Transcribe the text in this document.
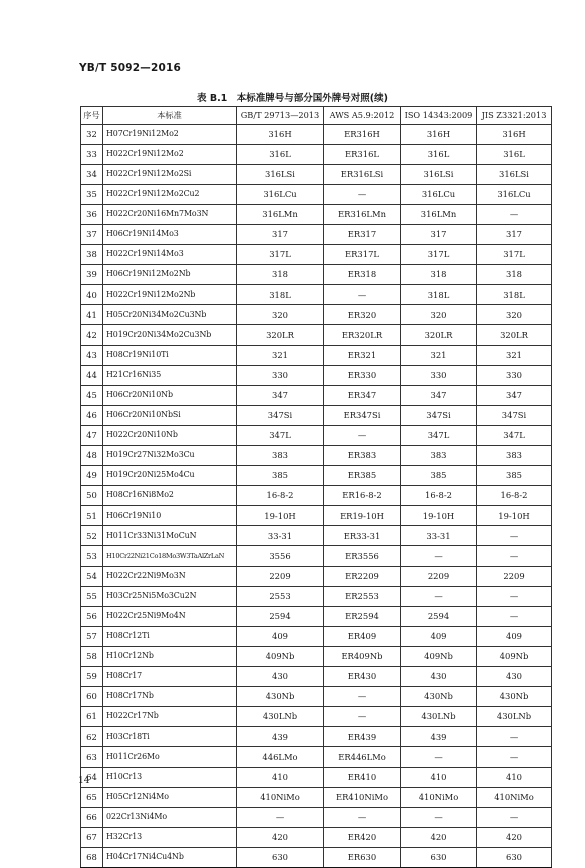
YB/T 5092—2016
表 B.1　本标准牌号与部分国外牌号对照(续)
序号	本标准	GB/T 29713—2013	AWS A5.9:2012	ISO 14343:2009	JIS Z3321:2013
32	H07Cr19Ni12Mo2	316H	ER316H	316H	316H
33	H022Cr19Ni12Mo2	316L	ER316L	316L	316L
34	H022Cr19Ni12Mo2Si	316LSi	ER316LSi	316LSi	316LSi
35	H022Cr19Ni12Mo2Cu2	316LCu	—	316LCu	316LCu
36	H022Cr20Ni16Mn7Mo3N	316LMn	ER316LMn	316LMn	—
37	H06Cr19Ni14Mo3	317	ER317	317	317
38	H022Cr19Ni14Mo3	317L	ER317L	317L	317L
39	H06Cr19Ni12Mo2Nb	318	ER318	318	318
40	H022Cr19Ni12Mo2Nb	318L	—	318L	318L
41	H05Cr20Ni34Mo2Cu3Nb	320	ER320	320	320
42	H019Cr20Ni34Mo2Cu3Nb	320LR	ER320LR	320LR	320LR
43	H08Cr19Ni10Ti	321	ER321	321	321
44	H21Cr16Ni35	330	ER330	330	330
45	H06Cr20Ni10Nb	347	ER347	347	347
46	H06Cr20Ni10NbSi	347Si	ER347Si	347Si	347Si
47	H022Cr20Ni10Nb	347L	—	347L	347L
48	H019Cr27Ni32Mo3Cu	383	ER383	383	383
49	H019Cr20Ni25Mo4Cu	385	ER385	385	385
50	H08Cr16Ni8Mo2	16-8-2	ER16-8-2	16-8-2	16-8-2
51	H06Cr19Ni10	19-10H	ER19-10H	19-10H	19-10H
52	H011Cr33Ni31MoCuN	33-31	ER33-31	33-31	—
53	H10Cr22Ni21Co18Mo3W3TaAlZrLaN	3556	ER3556	—	—
54	H022Cr22Ni9Mo3N	2209	ER2209	2209	2209
55	H03Cr25Ni5Mo3Cu2N	2553	ER2553	—	—
56	H022Cr25Ni9Mo4N	2594	ER2594	2594	—
57	H08Cr12Ti	409	ER409	409	409
58	H10Cr12Nb	409Nb	ER409Nb	409Nb	409Nb
59	H08Cr17	430	ER430	430	430
60	H08Cr17Nb	430Nb	—	430Nb	430Nb
61	H022Cr17Nb	430LNb	—	430LNb	430LNb
62	H03Cr18Ti	439	ER439	439	—
63	H011Cr26Mo	446LMo	ER446LMo	—	—
64	H10Cr13	410	ER410	410	410
65	H05Cr12Ni4Mo	410NiMo	ER410NiMo	410NiMo	410NiMo
66	022Cr13Ni4Mo	—	—	—	—
67	H32Cr13	420	ER420	420	420
68	H04Cr17Ni4Cu4Nb	630	ER630	630	630
14
